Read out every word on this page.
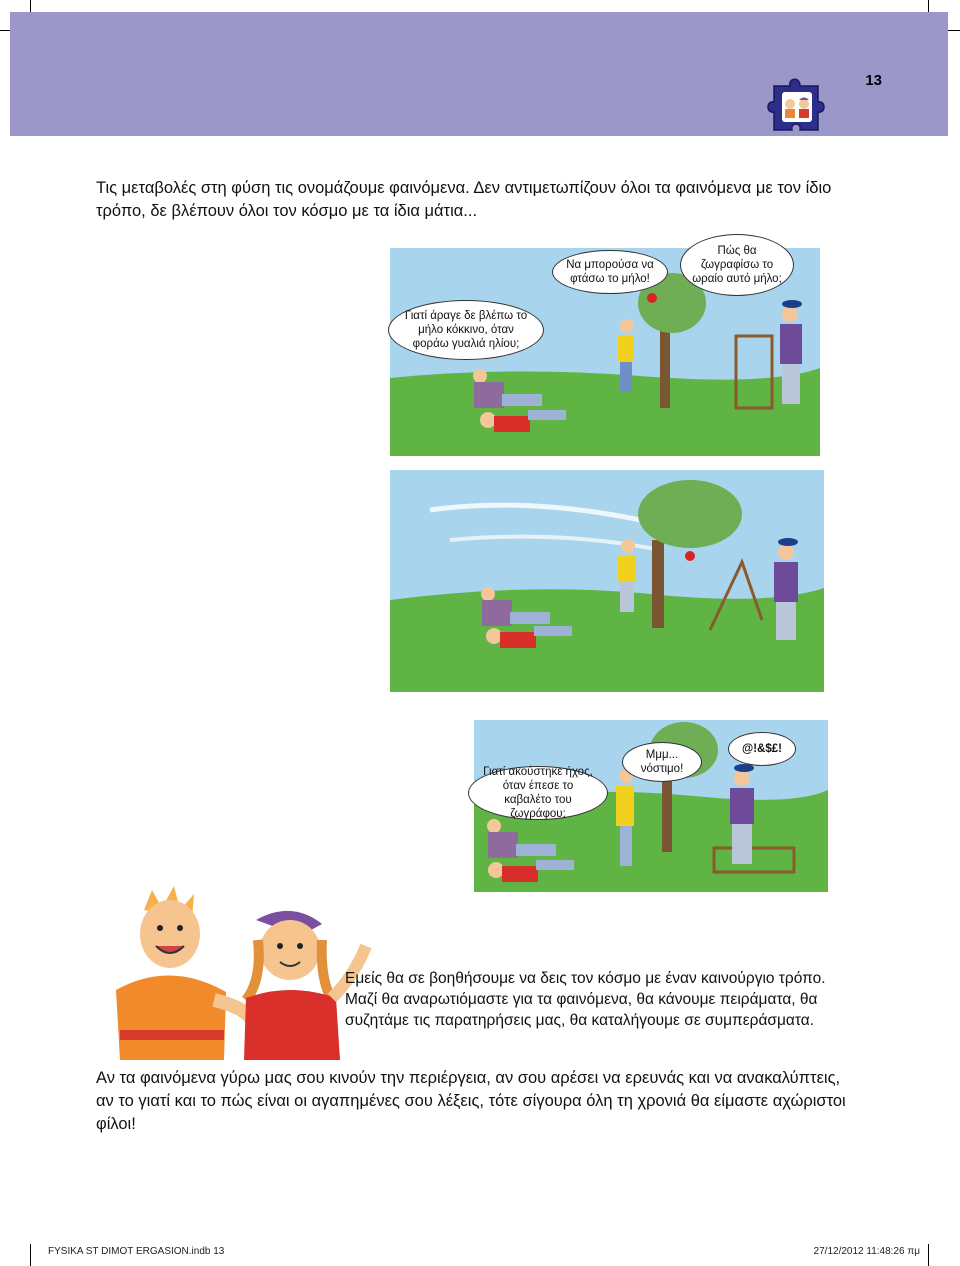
13
Τις μεταβολές στη φύση τις ονομάζουμε φαινόμενα. Δεν αντιμετωπίζουν όλοι τα φαινόμενα με τον ίδιο τρόπο, δε βλέπουν όλοι τον κόσμο με τα ίδια μάτια...
Γιατί άραγε δε βλέπω το μήλο κόκκινο, όταν φοράω γυαλιά ηλίου;
Να μπορούσα να φτάσω το μήλο!
Πώς θα ζωγραφίσω το ωραίο αυτό μήλο;
Γιατί ακούστηκε ήχος, όταν έπεσε το καβαλέτο του ζωγράφου;
Μμμ... νόστιμο!
@!&$£!
Εμείς θα σε βοηθήσουμε να δεις τον κόσμο με έναν καινούργιο τρόπο. Μαζί θα αναρωτιόμαστε για τα φαινόμενα, θα κάνουμε πειράματα, θα συζητάμε τις παρατηρήσεις μας, θα καταλήγουμε σε συμπεράσματα.
Αν τα φαινόμενα γύρω μας σου κινούν την περιέργεια, αν σου αρέσει να ερευνάς και να ανακαλύπτεις, αν το γιατί και το πώς είναι οι αγαπημένες σου λέξεις, τότε σίγουρα όλη τη χρονιά θα είμαστε αχώριστοι φίλοι!
FYSIKA ST DIMOT ERGASION.indb 13	27/12/2012 11:48:26 πμ
